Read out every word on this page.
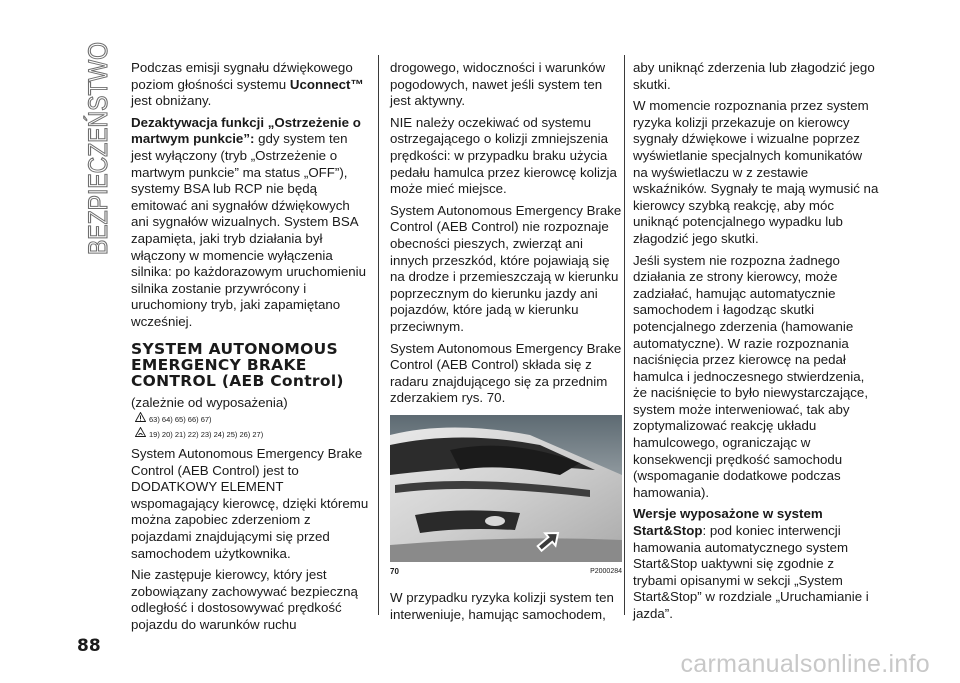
BEZPIECZEŃSTWO Podczas emisji sygnału dźwiękowego poziom głośności systemu Uconnect™ jest obniżany.

Dezaktywacja funkcji „Ostrzeżenie o martwym punkcie”: gdy system ten jest wyłączony (tryb „Ostrzeżenie o martwym punkcie” ma status „OFF”), systemy BSA lub RCP nie będą emitować ani sygnałów dźwiękowych ani sygnałów wizualnych. System BSA zapamięta, jaki tryb działania był włączony w momencie wyłączenia silnika: po każdorazowym uruchomieniu silnika zostanie przywrócony i uruchomiony tryb, jaki zapamiętano wcześniej.

SYSTEM AUTONOMOUS EMERGENCY BRAKE CONTROL (AEB Control)

(zależnie od wyposażenia)

63) 64) 65) 66) 67)
19) 20) 21) 22) 23) 24) 25) 26) 27)

System Autonomous Emergency Brake Control (AEB Control) jest to DODATKOWY ELEMENT wspomagający kierowcę, dzięki któremu można zapobiec zderzeniom z pojazdami znajdującymi się przed samochodem użytkownika.

Nie zastępuje kierowcy, który jest zobowiązany zachowywać bezpieczną odległość i dostosowywać prędkość pojazdu do warunków ruchu

drogowego, widoczności i warunków pogodowych, nawet jeśli system ten jest aktywny.

NIE należy oczekiwać od systemu ostrzegającego o kolizji zmniejszenia prędkości: w przypadku braku użycia pedału hamulca przez kierowcę kolizja może mieć miejsce.

System Autonomous Emergency Brake Control (AEB Control) nie rozpoznaje obecności pieszych, zwierząt ani innych przeszkód, które pojawiają się na drodze i przemieszczają w kierunku poprzecznym do kierunku jazdy ani pojazdów, które jadą w kierunku przeciwnym.

System Autonomous Emergency Brake Control (AEB Control) składa się z radaru znajdującego się za przednim zderzakiem rys. 70.

70	P2000284

W przypadku ryzyka kolizji system ten interweniuje, hamując samochodem,

aby uniknąć zderzenia lub złagodzić jego skutki.

W momencie rozpoznania przez system ryzyka kolizji przekazuje on kierowcy sygnały dźwiękowe i wizualne poprzez wyświetlanie specjalnych komunikatów na wyświetlaczu w z zestawie wskaźników. Sygnały te mają wymusić na kierowcy szybką reakcję, aby móc uniknąć potencjalnego wypadku lub złagodzić jego skutki.

Jeśli system nie rozpozna żadnego działania ze strony kierowcy, może zadziałać, hamując automatycznie samochodem i łagodząc skutki potencjalnego zderzenia (hamowanie automatyczne). W razie rozpoznania naciśnięcia przez kierowcę na pedał hamulca i jednoczesnego stwierdzenia, że naciśnięcie to było niewystarczające, system może interweniować, tak aby zoptymalizować reakcję układu hamulcowego, ograniczając w konsekwencji prędkość samochodu (wspomaganie dodatkowe podczas hamowania).

Wersje wyposażone w system Start&Stop: pod koniec interwencji hamowania automatycznego system Start&Stop uaktywni się zgodnie z trybami opisanymi w sekcji „System Start&Stop” w rozdziale „Uruchamianie i jazda”.

88
carmanualsonline.info
